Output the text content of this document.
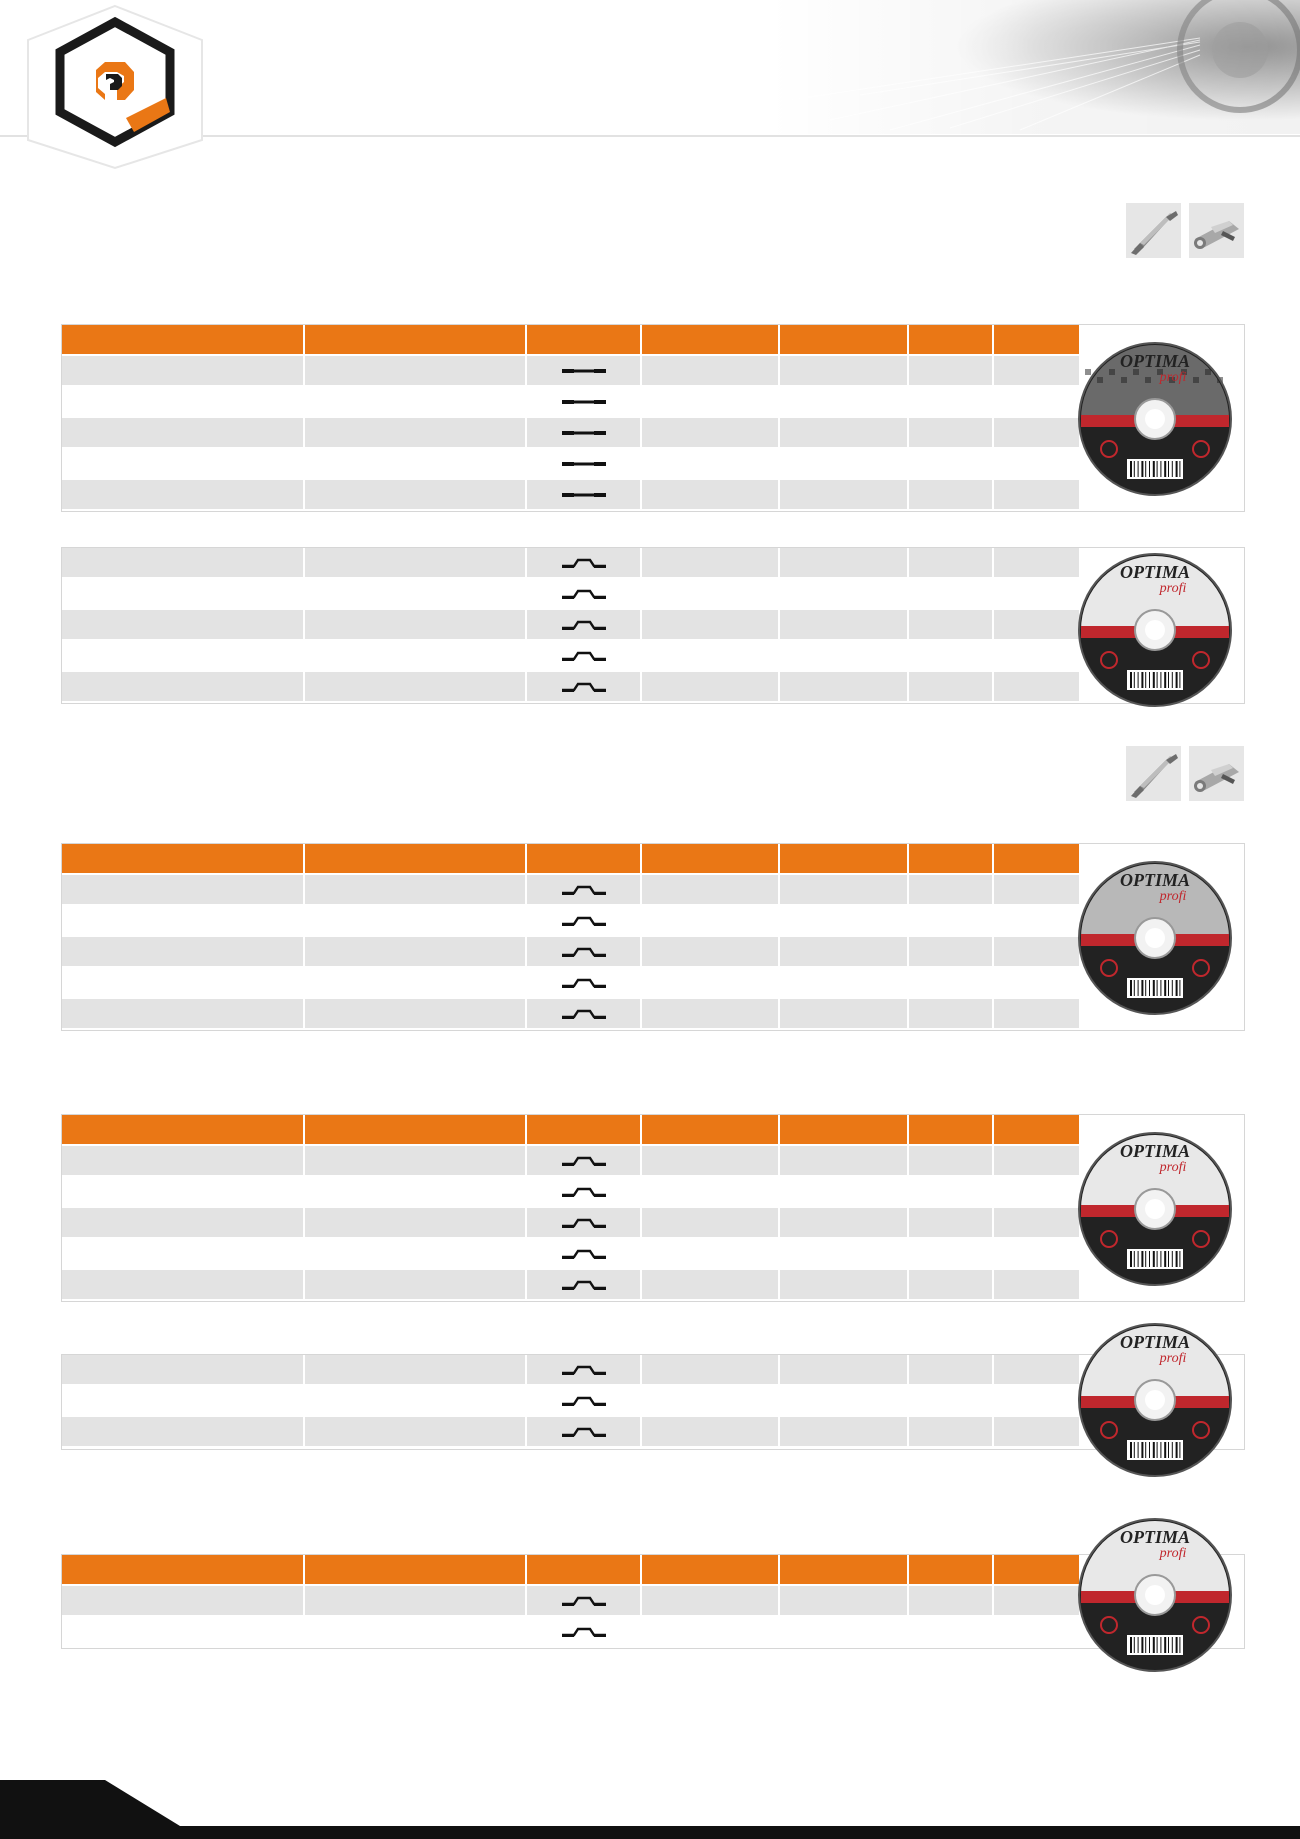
OPTIMA
profi

OPTIMA
profi

OPTIMA
profi

OPTIMA
profi

OPTIMA
profi

OPTIMA
profi
